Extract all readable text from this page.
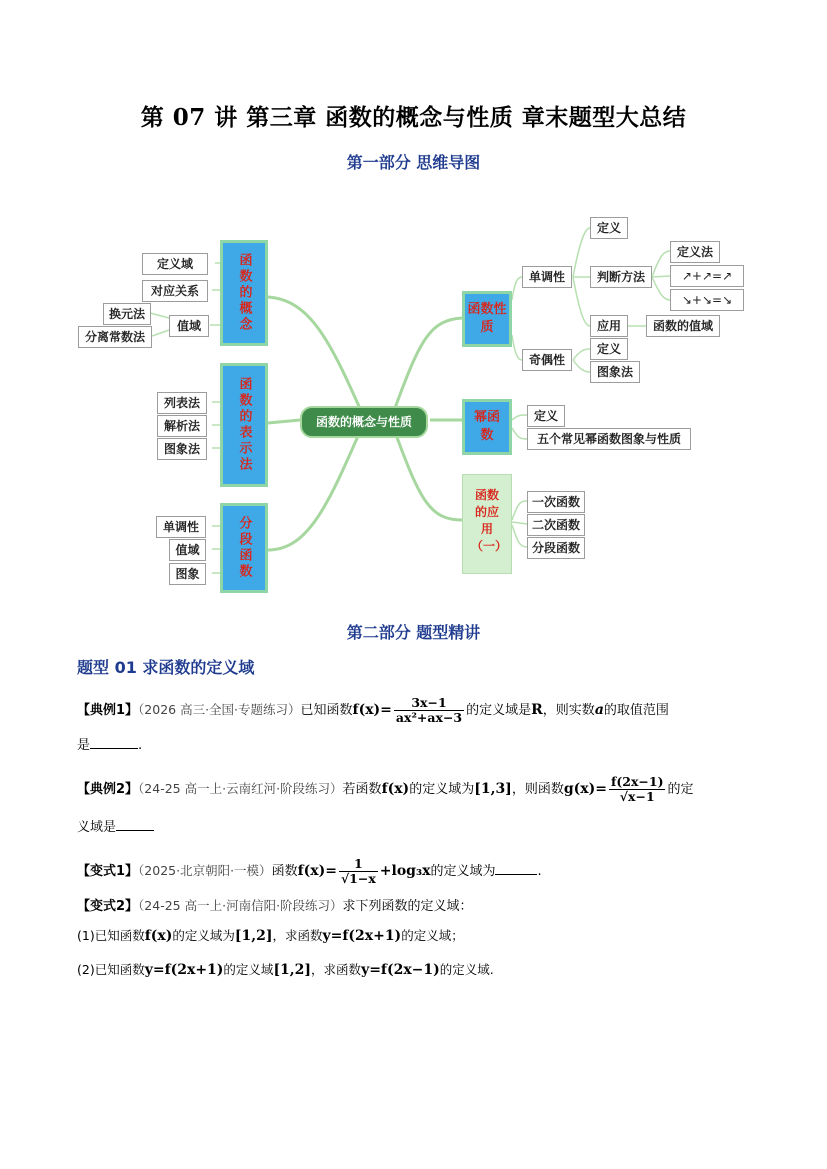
第 07 讲 第三章 函数的概念与性质 章末题型大总结
第一部分 思维导图
函数的概念与性质
函数的概念
定义域
对应关系
值域
换元法
分离常数法
函数的表示法
列表法
解析法
图象法
分段函数
单调性
值域
图象
函数性质
单调性
定义
判断方法
应用
定义法
↗+↗=↗
↘+↘=↘
函数的值域
奇偶性
定义
图象法
幂函数
定义
五个常见幂函数图象与性质
函数的应用（一）
一次函数
二次函数
分段函数
第二部分 题型精讲
题型 01 求函数的定义域
【典例1】（2026 高三·全国·专题练习）已知函数$f(x)= \frac{3x-1}{\text{ax²+ax−3}}$ 的定义域是R，则实数a的取值范围
是	.
【典例2】（24-25 高一上·云南红河·阶段练习）若函数f(x)的定义域为[1,3]，则函数$g(x)= \frac{f(2x-1)}{√x-1}$ 的定
义域是
【变式1】（2025·北京朝阳·一模）函数$f(x)= \frac{1}{√1-x} +\log_3x$的定义域为	.
【变式2】（24-25 高一上·河南信阳·阶段练习）求下列函数的定义域：
(1)已知函数f(x)的定义域为[1,2]，求函数y=f(2x+1)的定义域；
(2)已知函数y=f(2x+1)的定义域[1,2]，求函数y=f(2x−1)的定义域.
